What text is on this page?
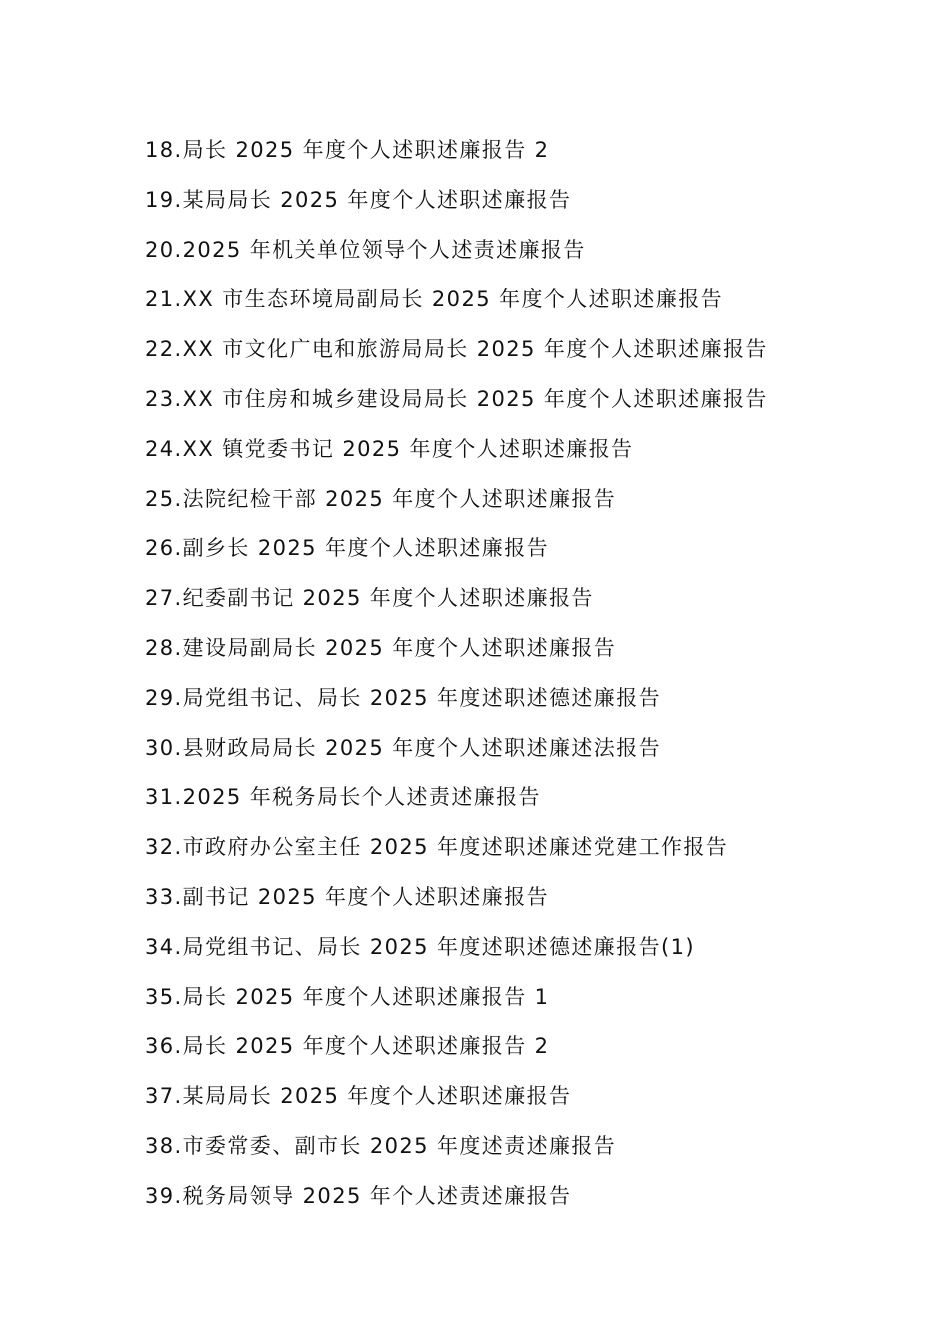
18.局长 2025 年度个人述职述廉报告 2
19.某局局长 2025 年度个人述职述廉报告
20.2025 年机关单位领导个人述责述廉报告
21.XX 市生态环境局副局长 2025 年度个人述职述廉报告
22.XX 市文化广电和旅游局局长 2025 年度个人述职述廉报告
23.XX 市住房和城乡建设局局长 2025 年度个人述职述廉报告
24.XX 镇党委书记 2025 年度个人述职述廉报告
25.法院纪检干部 2025 年度个人述职述廉报告
26.副乡长 2025 年度个人述职述廉报告
27.纪委副书记 2025 年度个人述职述廉报告
28.建设局副局长 2025 年度个人述职述廉报告
29.局党组书记、局长 2025 年度述职述德述廉报告
30.县财政局局长 2025 年度个人述职述廉述法报告
31.2025 年税务局长个人述责述廉报告
32.市政府办公室主任 2025 年度述职述廉述党建工作报告
33.副书记 2025 年度个人述职述廉报告
34.局党组书记、局长 2025 年度述职述德述廉报告(1)
35.局长 2025 年度个人述职述廉报告 1
36.局长 2025 年度个人述职述廉报告 2
37.某局局长 2025 年度个人述职述廉报告
38.市委常委、副市长 2025 年度述责述廉报告
39.税务局领导 2025 年个人述责述廉报告
